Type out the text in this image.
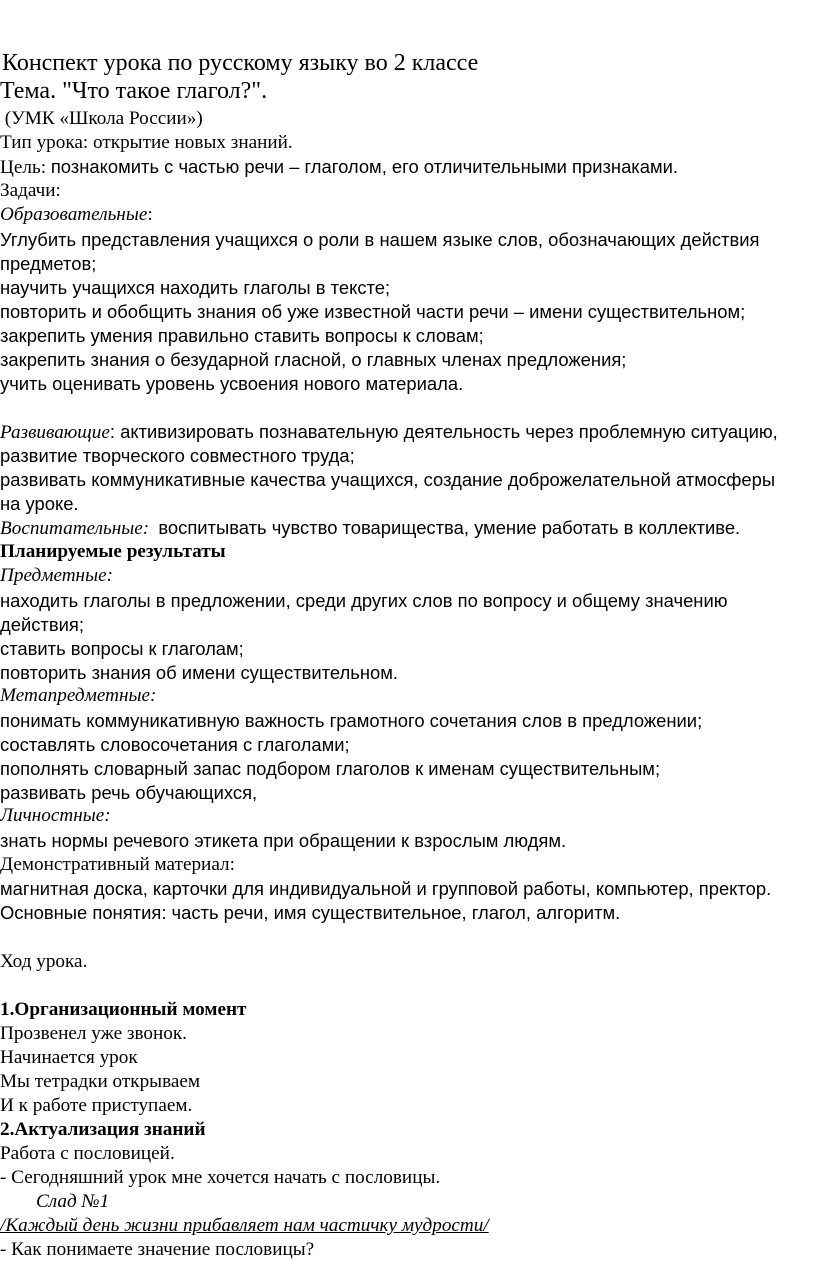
Конспект урока по русскому языку во 2 классе

Тема. "Что такое глагол?".

(УМК «Школа России»)

Тип урока: открытие новых знаний.

Цель: познакомить с частью речи – глаголом, его отличительными признаками.

Задачи:

Образовательные:

Углубить представления учащихся о роли в нашем языке слов, обозначающих действия

предметов;

научить учащихся находить глаголы в тексте;

повторить и обобщить знания об уже известной части речи – имени существительном;

закрепить умения правильно ставить вопросы к словам;

закрепить знания о безударной гласной, о главных членах предложения;

учить оценивать уровень усвоения нового материала.

Развивающие: активизировать познавательную деятельность через проблемную ситуацию,

развитие творческого совместного труда;

развивать коммуникативные качества учащихся, создание доброжелательной атмосферы

на уроке.

Воспитательные: воспитывать чувство товарищества, умение работать в коллективе.

Планируемые результаты

Предметные:

находить глаголы в предложении, среди других слов по вопросу и общему значению

действия;

ставить вопросы к глаголам;

повторить знания об имени существительном.

Метапредметные:

понимать коммуникативную важность грамотного сочетания слов в предложении;

составлять словосочетания с глаголами;

пополнять словарный запас подбором глаголов к именам существительным;

развивать речь обучающихся,

Личностные:

знать нормы речевого этикета при обращении к взрослым людям.

Демонстративный материал:

магнитная доска, карточки для индивидуальной и групповой работы, компьютер, пректор.

Основные понятия: часть речи, имя существительное, глагол, алгоритм.

Ход урока.

1.Организационный момент

Прозвенел уже звонок.

Начинается урок

Мы тетрадки открываем

И к работе приступаем.

2.Актуализация знаний

Работа с пословицей.

- Сегодняшний урок мне хочется начать с пословицы.

Слад №1

/Каждый день жизни прибавляет нам частичку мудрости/

- Как понимаете значение пословицы?
